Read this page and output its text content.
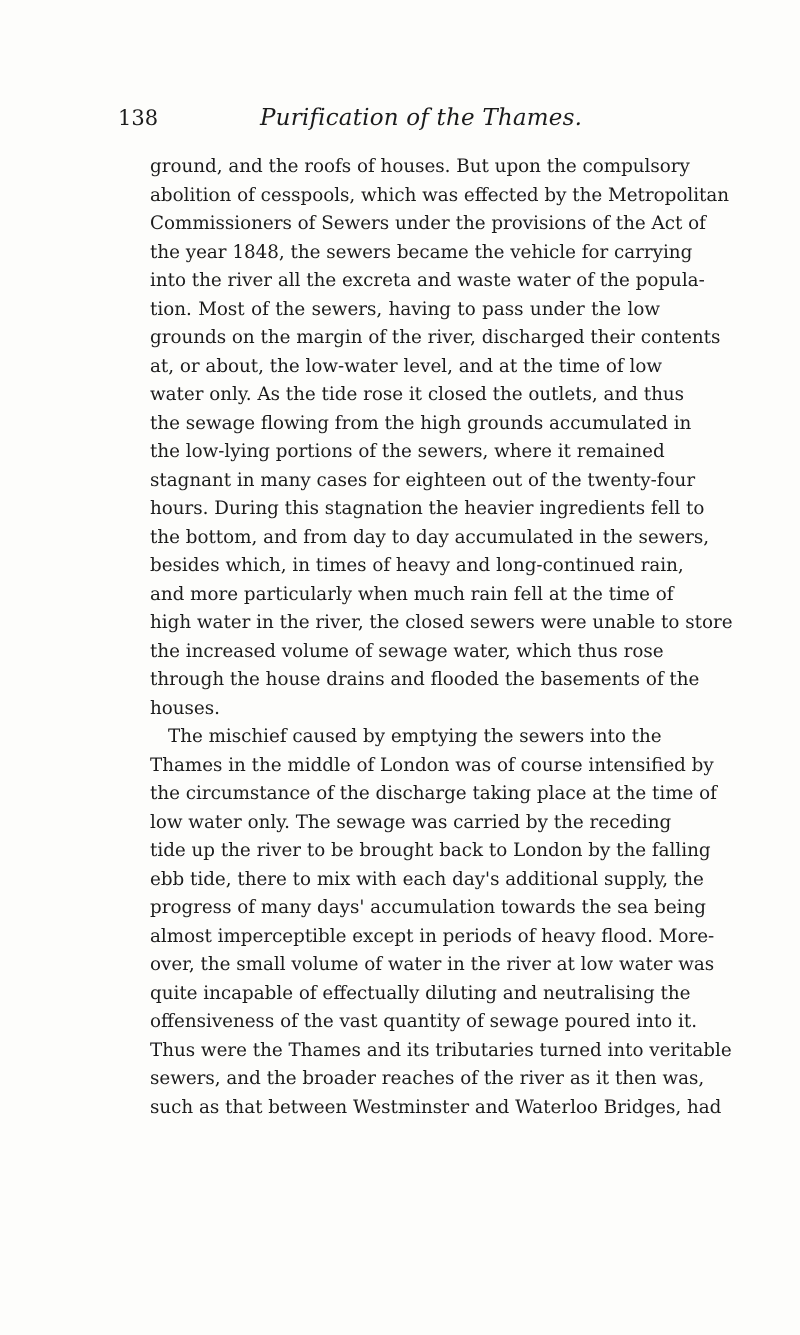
138	Purification of the Thames.
ground, and the roofs of houses. But upon the compulsory
abolition of cesspools, which was effected by the Metropolitan
Commissioners of Sewers under the provisions of the Act of
the year 1848, the sewers became the vehicle for carrying
into the river all the excreta and waste water of the popula-
tion. Most of the sewers, having to pass under the low
grounds on the margin of the river, discharged their contents
at, or about, the low-water level, and at the time of low
water only. As the tide rose it closed the outlets, and thus
the sewage flowing from the high grounds accumulated in
the low-lying portions of the sewers, where it remained
stagnant in many cases for eighteen out of the twenty-four
hours. During this stagnation the heavier ingredients fell to
the bottom, and from day to day accumulated in the sewers,
besides which, in times of heavy and long-continued rain,
and more particularly when much rain fell at the time of
high water in the river, the closed sewers were unable to store
the increased volume of sewage water, which thus rose
through the house drains and flooded the basements of the
houses.
The mischief caused by emptying the sewers into the
Thames in the middle of London was of course intensified by
the circumstance of the discharge taking place at the time of
low water only. The sewage was carried by the receding
tide up the river to be brought back to London by the falling
ebb tide, there to mix with each day's additional supply, the
progress of many days' accumulation towards the sea being
almost imperceptible except in periods of heavy flood. More-
over, the small volume of water in the river at low water was
quite incapable of effectually diluting and neutralising the
offensiveness of the vast quantity of sewage poured into it.
Thus were the Thames and its tributaries turned into veritable
sewers, and the broader reaches of the river as it then was,
such as that between Westminster and Waterloo Bridges, had
